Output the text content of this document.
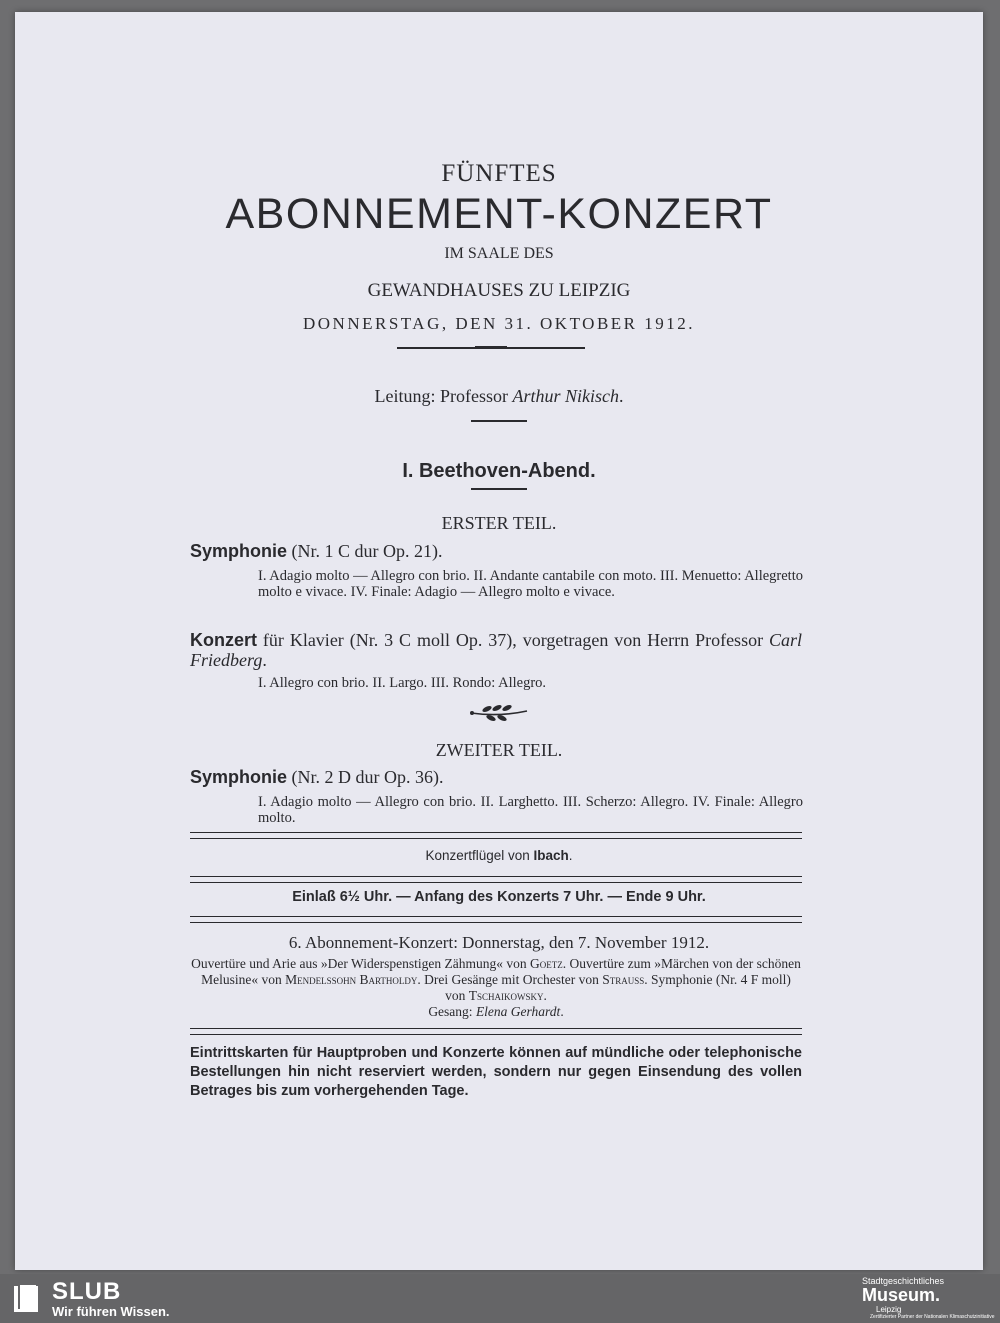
FÜNFTES
ABONNEMENT-KONZERT
IM SAALE DES
GEWANDHAUSES ZU LEIPZIG
DONNERSTAG, DEN 31. OKTOBER 1912.
Leitung: Professor Arthur Nikisch.
I. Beethoven-Abend.
ERSTER TEIL.
Symphonie (Nr. 1 C dur Op. 21).
I. Adagio molto — Allegro con brio. II. Andante cantabile con moto. III. Menuetto: Allegretto molto e vivace. IV. Finale: Adagio — Allegro molto e vivace.
Konzert für Klavier (Nr. 3 C moll Op. 37), vorgetragen von Herrn Professor Carl Friedberg.
I. Allegro con brio. II. Largo. III. Rondo: Allegro.
ZWEITER TEIL.
Symphonie (Nr. 2 D dur Op. 36).
I. Adagio molto — Allegro con brio. II. Larghetto. III. Scherzo: Allegro. IV. Finale: Allegro molto.
Konzertflügel von Ibach.
Einlaß 6½ Uhr. — Anfang des Konzerts 7 Uhr. — Ende 9 Uhr.
6. Abonnement-Konzert: Donnerstag, den 7. November 1912.
Ouvertüre und Arie aus »Der Widerspenstigen Zähmung« von Goetz. Ouvertüre zum »Märchen von der schönen Melusine« von Mendelssohn Bartholdy. Drei Gesänge mit Orchester von Strauss. Symphonie (Nr. 4 F moll) von Tschaikowsky.
Gesang: Elena Gerhardt.
Eintrittskarten für Hauptproben und Konzerte können auf mündliche oder telephonische Bestellungen hin nicht reserviert werden, sondern nur gegen Einsendung des vollen Betrages bis zum vorhergehenden Tage.
SLUB
Wir führen Wissen.
Stadtgeschichtliches
Museum.
Leipzig
Zertifizierter Partner der Nationalen Klimaschutzinitiative
